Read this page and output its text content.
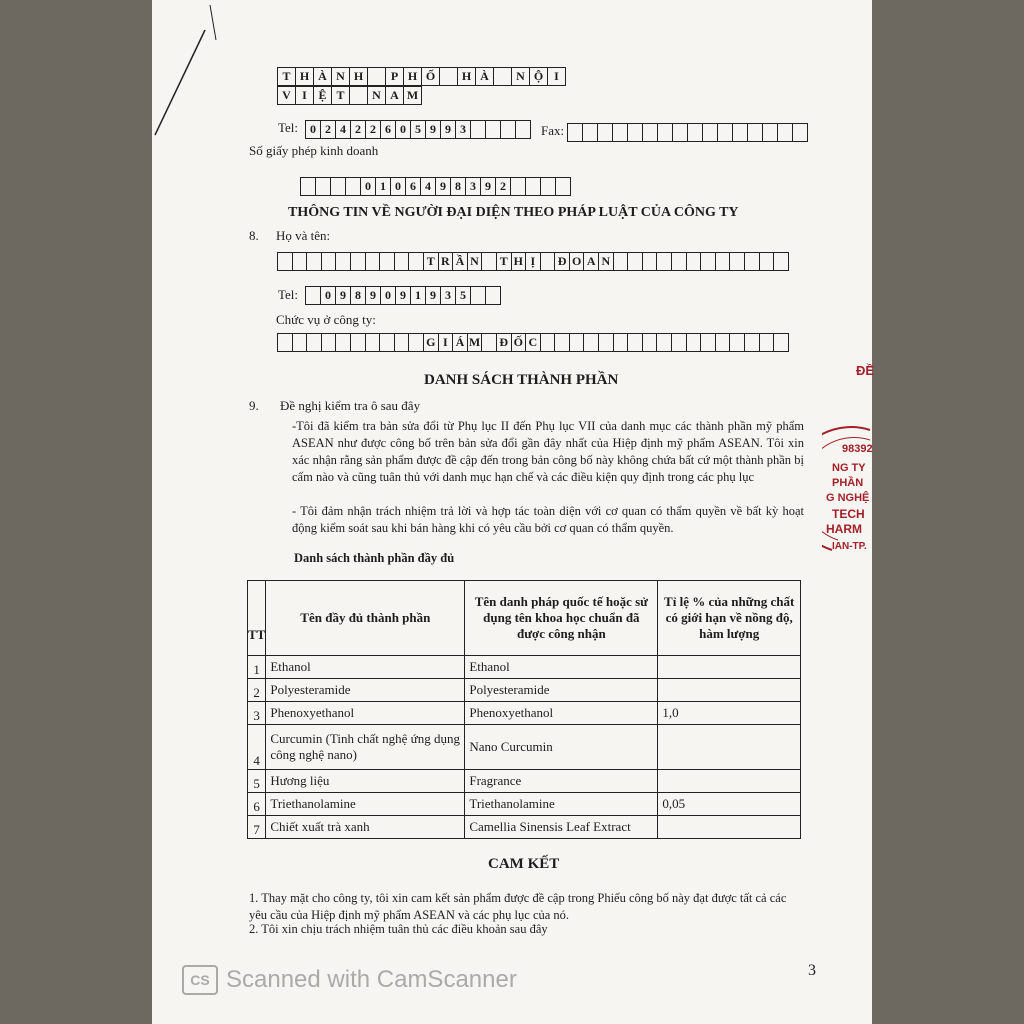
T H À N H	P H Ố	H À	N Ộ I
V I Ệ T	N A M
Tel: 0 2 4 2 2 6 0 5 9 9 3	Fax:
Số giấy phép kinh doanh
0 1 0 6 4 9 8 3 9 2
THÔNG TIN VỀ NGƯỜI ĐẠI DIỆN THEO PHÁP LUẬT CỦA CÔNG TY
8. Họ và tên:
T R Ầ N T H Ị	Đ O A N
Tel:	0 9 8 9 0 9 1 9 3 5
Chức vụ ở công ty:
G I Á M Đ Ố C
DANH SÁCH THÀNH PHẦN
9. Đề nghị kiểm tra ô sau đây
-Tôi đã kiểm tra bản sửa đổi từ Phụ lục II đến Phụ lục VII của danh mục các thành phần mỹ phẩm ASEAN như được công bố trên bản sửa đổi gần đây nhất của Hiệp định mỹ phẩm ASEAN. Tôi xin xác nhận rằng sản phẩm được đề cập đến trong bản công bố này không chứa bất cứ một thành phần bị cấm nào và cũng tuân thủ với danh mục hạn chế và các điều kiện quy định trong các phụ lục
- Tôi đảm nhận trách nhiệm trả lời và hợp tác toàn diện với cơ quan có thẩm quyền về bất kỳ hoạt động kiểm soát sau khi bán hàng khi có yêu cầu bởi cơ quan có thẩm quyền.
Danh sách thành phần đầy đủ
TT	Tên đầy đủ thành phần	Tên danh pháp quốc tế hoặc sử dụng tên khoa học chuẩn đã được công nhận	Tỉ lệ % của những chất có giới hạn về nồng độ, hàm lượng
1	Ethanol	Ethanol	
2	Polyesteramide	Polyesteramide	
3	Phenoxyethanol	Phenoxyethanol	1,0
4	Curcumin (Tinh chất nghệ ứng dụng công nghệ nano)	Nano Curcumin	
5	Hương liệu	Fragrance	
6	Triethanolamine	Triethanolamine	0,05
7	Chiết xuất trà xanh	Camellia Sinensis Leaf Extract	
CAM KẾT
1. Thay mặt cho công ty, tôi xin cam kết sản phẩm được đề cập trong Phiếu công bố này đạt được tất cả các yêu cầu của Hiệp định mỹ phẩm ASEAN và các phụ lục của nó.
2. Tôi xin chịu trách nhiệm tuân thủ các điều khoản sau đây
3
CS Scanned with CamScanner
ĐỀ
98392
NG TY
PHẦN
G NGHỆ
TECH
HARM
IAN-TP.
